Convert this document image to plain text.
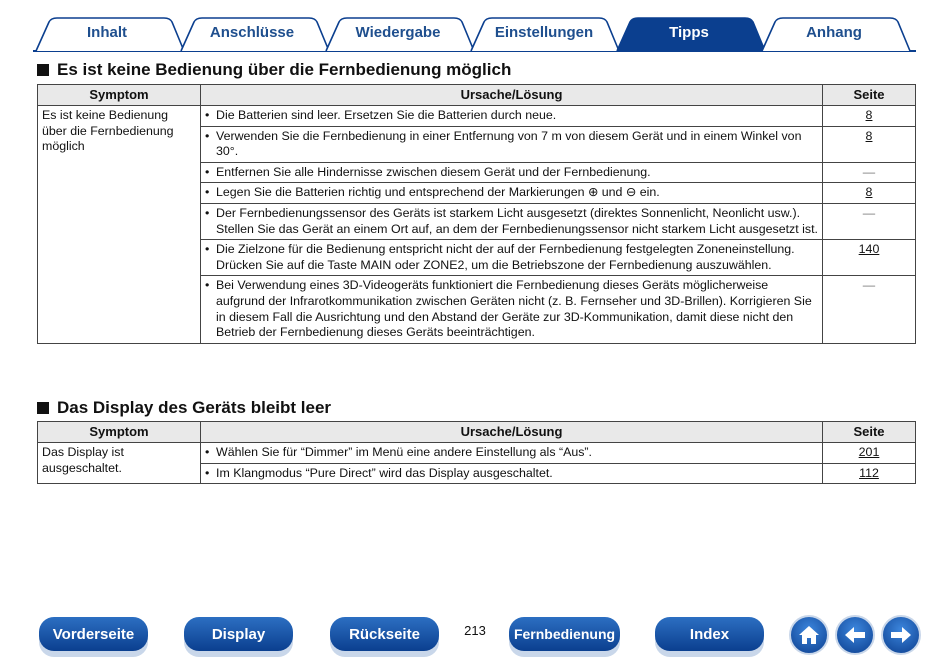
Inhalt	Anschlüsse	Wiedergabe	Einstellungen	Tipps	Anhang
Es ist keine Bedienung über die Fernbedienung möglich
Symptom	Ursache/Lösung	Seite
Es ist keine Bedienung über die Fernbedienung möglich	• Die Batterien sind leer. Ersetzen Sie die Batterien durch neue.	8

	• Verwenden Sie die Fernbedienung in einer Entfernung von 7 m von diesem Gerät und in einem Winkel von 30°.	8

	• Entfernen Sie alle Hindernisse zwischen diesem Gerät und der Fernbedienung.	—

	• Legen Sie die Batterien richtig und entsprechend der Markierungen ⊕ und ⊖ ein.	8

	• Der Fernbedienungssensor des Geräts ist starkem Licht ausgesetzt (direktes Sonnenlicht, Neonlicht usw.). Stellen Sie das Gerät an einem Ort auf, an dem der Fernbedienungssensor nicht starkem Licht ausgesetzt ist.	—

	• Die Zielzone für die Bedienung entspricht nicht der auf der Fernbedienung festgelegten Zoneneinstellung. Drücken Sie auf die Taste MAIN oder ZONE2, um die Betriebszone der Fernbedienung auszuwählen.	140

	• Bei Verwendung eines 3D-Videogeräts funktioniert die Fernbedienung dieses Geräts möglicherweise aufgrund der Infrarotkommunikation zwischen Geräten nicht (z. B. Fernseher und 3D-Brillen). Korrigieren Sie in diesem Fall die Ausrichtung und den Abstand der Geräte zur 3D-Kommunikation, damit diese nicht den Betrieb der Fernbedienung dieses Geräts beeinträchtigen.	—
Das Display des Geräts bleibt leer
Symptom	Ursache/Lösung	Seite
Das Display ist ausgeschaltet.	• Wählen Sie für “Dimmer” im Menü eine andere Einstellung als “Aus”.	201

	• Im Klangmodus “Pure Direct” wird das Display ausgeschaltet.	112
Vorderseite	Display	Rückseite	213	Fernbedienung	Index
